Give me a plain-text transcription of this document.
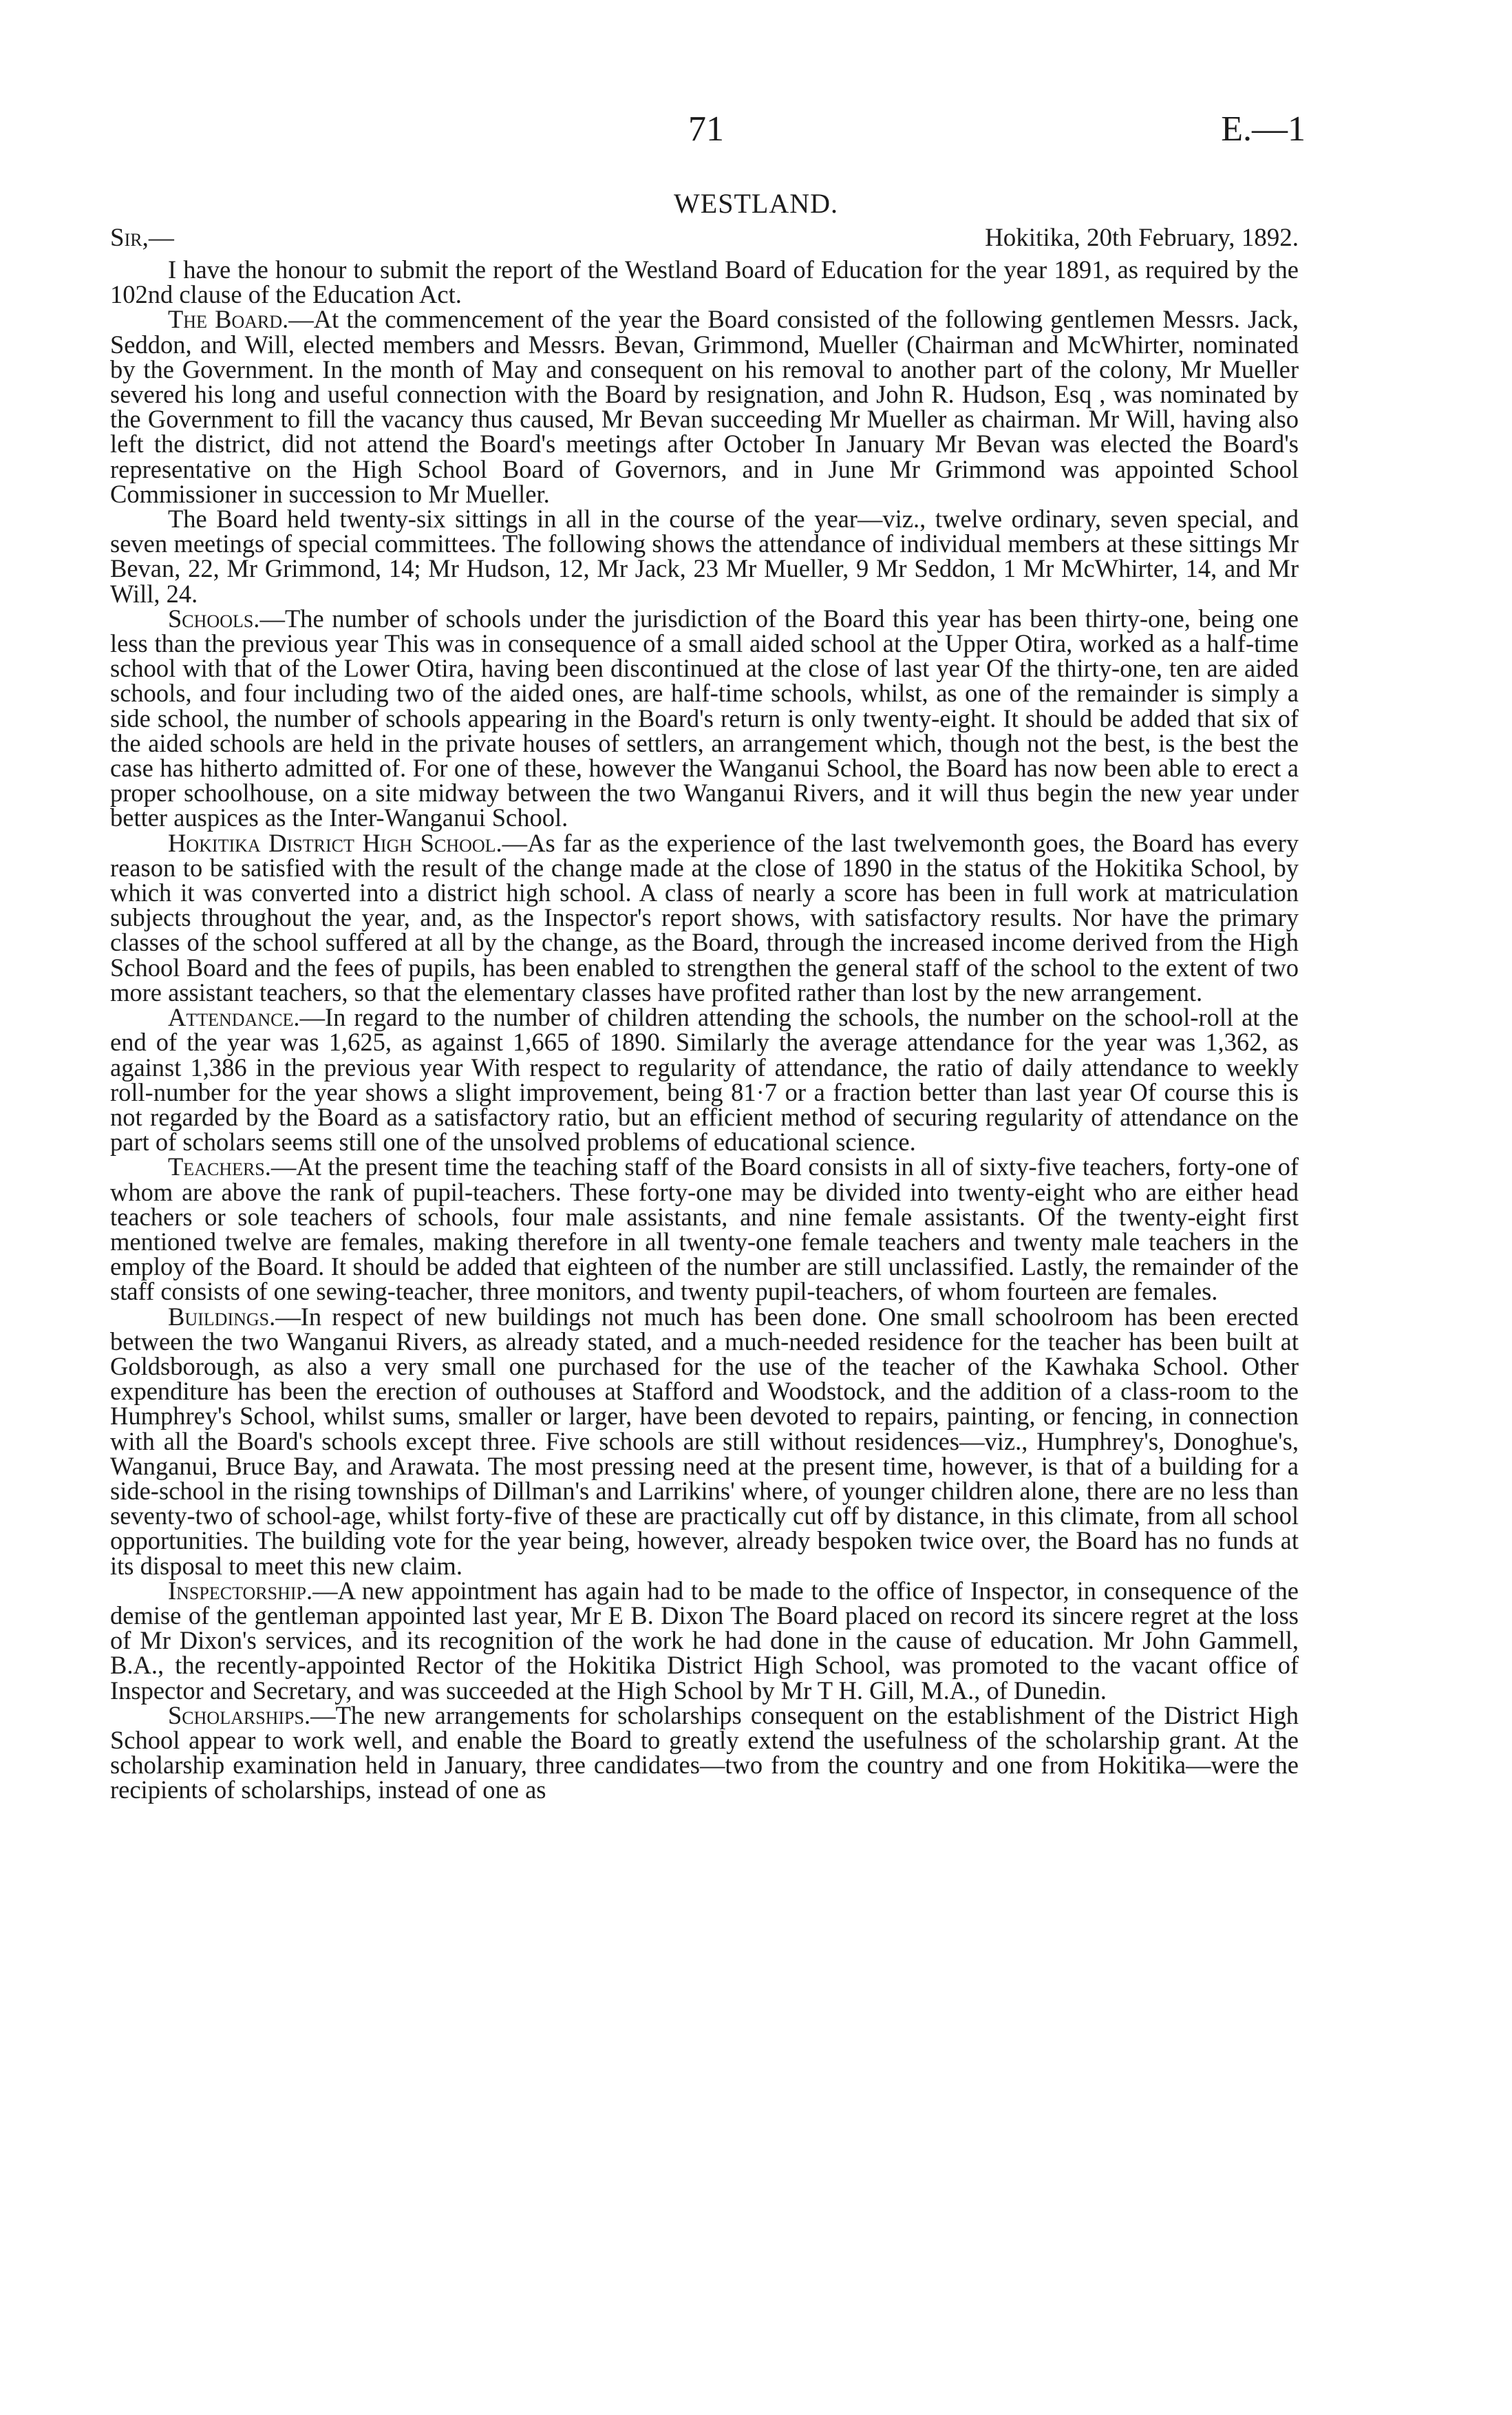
71	E.—1
WESTLAND.
Sir,—	Hokitika, 20th February, 1892.

I have the honour to submit the report of the Westland Board of Education for the year 1891, as required by the 102nd clause of the Education Act.

The Board.—At the commencement of the year the Board consisted of the following gentlemen Messrs. Jack, Seddon, and Will, elected members and Messrs. Bevan, Grimmond, Mueller (Chairman and McWhirter, nominated by the Government. In the month of May and consequent on his removal to another part of the colony, Mr Mueller severed his long and useful connection with the Board by resignation, and John R. Hudson, Esq , was nominated by the Government to fill the vacancy thus caused, Mr Bevan succeeding Mr Mueller as chairman. Mr Will, having also left the district, did not attend the Board's meetings after October In January Mr Bevan was elected the Board's representative on the High School Board of Governors, and in June Mr Grimmond was appointed School Commissioner in succession to Mr Mueller.

The Board held twenty-six sittings in all in the course of the year—viz., twelve ordinary, seven special, and seven meetings of special committees. The following shows the attendance of individual members at these sittings Mr Bevan, 22, Mr Grimmond, 14; Mr Hudson, 12, Mr Jack, 23 Mr Mueller, 9 Mr Seddon, 1 Mr McWhirter, 14, and Mr Will, 24.

Schools.—The number of schools under the jurisdiction of the Board this year has been thirty-one, being one less than the previous year This was in consequence of a small aided school at the Upper Otira, worked as a half-time school with that of the Lower Otira, having been discontinued at the close of last year Of the thirty-one, ten are aided schools, and four including two of the aided ones, are half-time schools, whilst, as one of the remainder is simply a side school, the number of schools appearing in the Board's return is only twenty-eight. It should be added that six of the aided schools are held in the private houses of settlers, an arrangement which, though not the best, is the best the case has hitherto admitted of. For one of these, however the Wanganui School, the Board has now been able to erect a proper schoolhouse, on a site midway between the two Wanganui Rivers, and it will thus begin the new year under better auspices as the Inter-Wanganui School.

Hokitika District High School.—As far as the experience of the last twelvemonth goes, the Board has every reason to be satisfied with the result of the change made at the close of 1890 in the status of the Hokitika School, by which it was converted into a district high school. A class of nearly a score has been in full work at matriculation subjects throughout the year, and, as the Inspector's report shows, with satisfactory results. Nor have the primary classes of the school suffered at all by the change, as the Board, through the increased income derived from the High School Board and the fees of pupils, has been enabled to strengthen the general staff of the school to the extent of two more assistant teachers, so that the elementary classes have profited rather than lost by the new arrangement.

Attendance.—In regard to the number of children attending the schools, the number on the school-roll at the end of the year was 1,625, as against 1,665 of 1890. Similarly the average attendance for the year was 1,362, as against 1,386 in the previous year With respect to regularity of attendance, the ratio of daily attendance to weekly roll-number for the year shows a slight improvement, being 81·7 or a fraction better than last year Of course this is not regarded by the Board as a satisfactory ratio, but an efficient method of securing regularity of attendance on the part of scholars seems still one of the unsolved problems of educational science.

Teachers.—At the present time the teaching staff of the Board consists in all of sixty-five teachers, forty-one of whom are above the rank of pupil-teachers. These forty-one may be divided into twenty-eight who are either head teachers or sole teachers of schools, four male assistants, and nine female assistants. Of the twenty-eight first mentioned twelve are females, making therefore in all twenty-one female teachers and twenty male teachers in the employ of the Board. It should be added that eighteen of the number are still unclassified. Lastly, the remainder of the staff consists of one sewing-teacher, three monitors, and twenty pupil-teachers, of whom fourteen are females.

Buildings.—In respect of new buildings not much has been done. One small schoolroom has been erected between the two Wanganui Rivers, as already stated, and a much-needed residence for the teacher has been built at Goldsborough, as also a very small one purchased for the use of the teacher of the Kawhaka School. Other expenditure has been the erection of outhouses at Stafford and Woodstock, and the addition of a class-room to the Humphrey's School, whilst sums, smaller or larger, have been devoted to repairs, painting, or fencing, in connection with all the Board's schools except three. Five schools are still without residences—viz., Humphrey's, Donoghue's, Wanganui, Bruce Bay, and Arawata. The most pressing need at the present time, however, is that of a building for a side-school in the rising townships of Dillman's and Larrikins' where, of younger children alone, there are no less than seventy-two of school-age, whilst forty-five of these are practically cut off by distance, in this climate, from all school opportunities. The building vote for the year being, however, already bespoken twice over, the Board has no funds at its disposal to meet this new claim.

Inspectorship.—A new appointment has again had to be made to the office of Inspector, in consequence of the demise of the gentleman appointed last year, Mr E B. Dixon The Board placed on record its sincere regret at the loss of Mr Dixon's services, and its recognition of the work he had done in the cause of education. Mr John Gammell, B.A., the recently-appointed Rector of the Hokitika District High School, was promoted to the vacant office of Inspector and Secretary, and was succeeded at the High School by Mr T H. Gill, M.A., of Dunedin.

Scholarships.—The new arrangements for scholarships consequent on the establishment of the District High School appear to work well, and enable the Board to greatly extend the usefulness of the scholarship grant. At the scholarship examination held in January, three candidates—two from the country and one from Hokitika—were the recipients of scholarships, instead of one as
